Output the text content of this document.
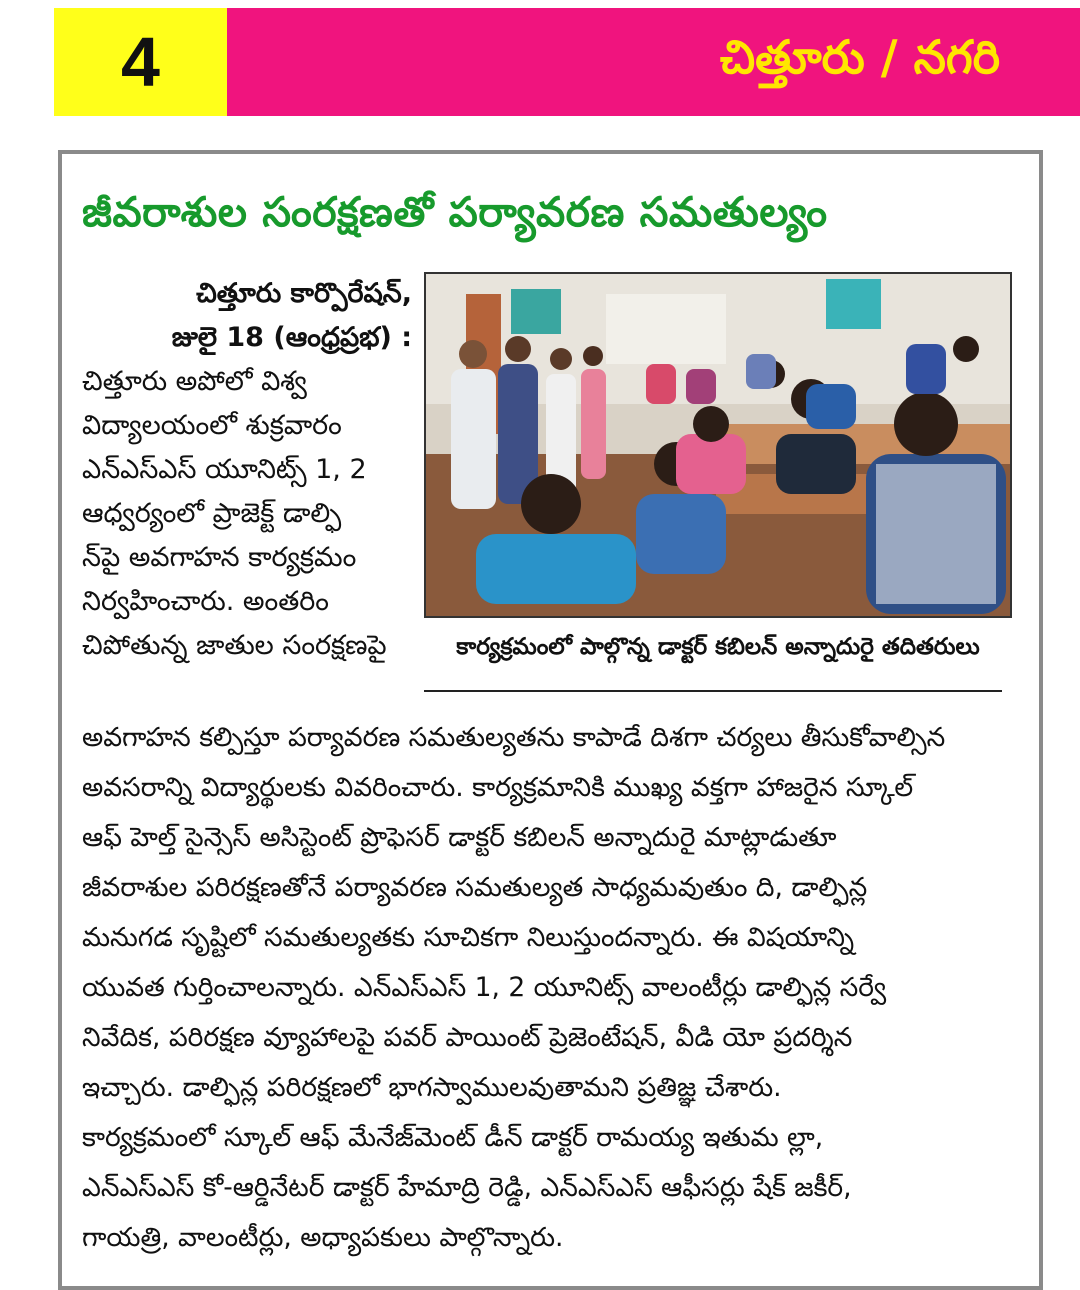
4	చిత్తూరు / నగరి
జీవరాశుల సంరక్షణతో పర్యావరణ సమతుల్యం
చిత్తూరు కార్పొరేషన్,
జులై 18 (ఆంధ్రప్రభ) :
చిత్తూరు అపోలో విశ్వ
విద్యాలయంలో శుక్రవారం
ఎన్ఎస్ఎస్ యూనిట్స్ 1, 2
ఆధ్వర్యంలో ప్రాజెక్ట్ డాల్ఫి
న్‌పై అవగాహన కార్యక్రమం
నిర్వహించారు. అంతరిం
చిపోతున్న జాతుల సంరక్షణపై	కార్యక్రమంలో పాల్గొన్న డాక్టర్ కబిలన్ అన్నాదురై తదితరులు
అవగాహన కల్పిస్తూ పర్యావరణ సమతుల్యతను కాపాడే దిశగా చర్యలు తీసుకోవాల్సిన
అవసరాన్ని విద్యార్థులకు వివరించారు. కార్యక్రమానికి ముఖ్య వక్తగా హాజరైన స్కూల్
ఆఫ్ హెల్త్ సైన్సెస్ అసిస్టెంట్ ప్రొఫెసర్ డాక్టర్ కబిలన్ అన్నాదురై మాట్లాడుతూ
జీవరాశుల పరిరక్షణతోనే పర్యావరణ సమతుల్యత సాధ్యమవుతుం ది, డాల్ఫిన్ల
మనుగడ సృష్టిలో సమతుల్యతకు సూచికగా నిలుస్తుందన్నారు. ఈ విషయాన్ని
యువత గుర్తించాలన్నారు. ఎన్ఎస్ఎస్ 1, 2 యూనిట్స్ వాలంటీర్లు డాల్ఫిన్ల సర్వే
నివేదిక, పరిరక్షణ వ్యూహాలపై పవర్ పాయింట్ ప్రెజెంటేషన్, వీడి యో ప్రదర్శిన
ఇచ్చారు. డాల్ఫిన్ల పరిరక్షణలో భాగస్వాములవుతామని ప్రతిజ్ఞ చేశారు.
కార్యక్రమంలో స్కూల్ ఆఫ్ మేనేజ్‌మెంట్ డీన్ డాక్టర్ రామయ్య ఇతుమ ల్లా,
ఎన్ఎస్ఎస్ కో-ఆర్డినేటర్ డాక్టర్ హేమాద్రి రెడ్డి, ఎన్ఎస్ఎస్ ఆఫీసర్లు షేక్ జకీర్,
గాయత్రి, వాలంటీర్లు, అధ్యాపకులు పాల్గొన్నారు.
